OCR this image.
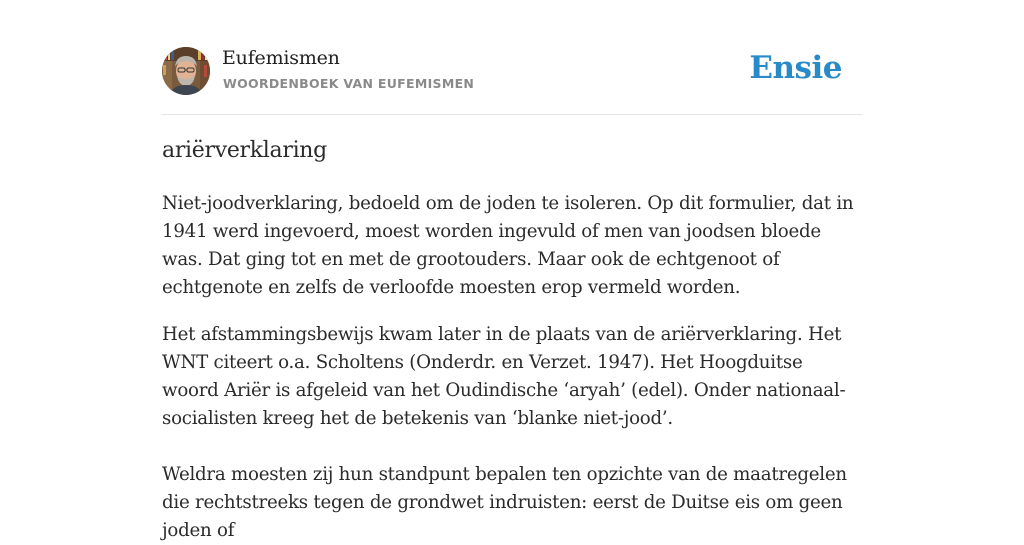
Eufemismen
WOORDENBOEK VAN EUFEMISMEN	Ensie
ariërverklaring

Niet-joodverklaring, bedoeld om de joden te isoleren. Op dit formulier, dat in 1941 werd ingevoerd, moest worden ingevuld of men van joodsen bloede was. Dat ging tot en met de grootouders. Maar ook de echtgenoot of echtgenote en zelfs de verloofde moesten erop vermeld worden.

Het afstammingsbewijs kwam later in de plaats van de ariërverklaring. Het WNT citeert o.a. Scholtens (Onderdr. en Verzet. 1947). Het Hoogduitse woord Ariër is afgeleid van het Oudindische ‘aryah’ (edel). Onder nationaal-socialisten kreeg het de betekenis van ‘blanke niet-jood’.

Weldra moesten zij hun standpunt bepalen ten opzichte van de maatregelen die rechtstreeks tegen de grondwet indruisten: eerst de Duitse eis om geen joden of
